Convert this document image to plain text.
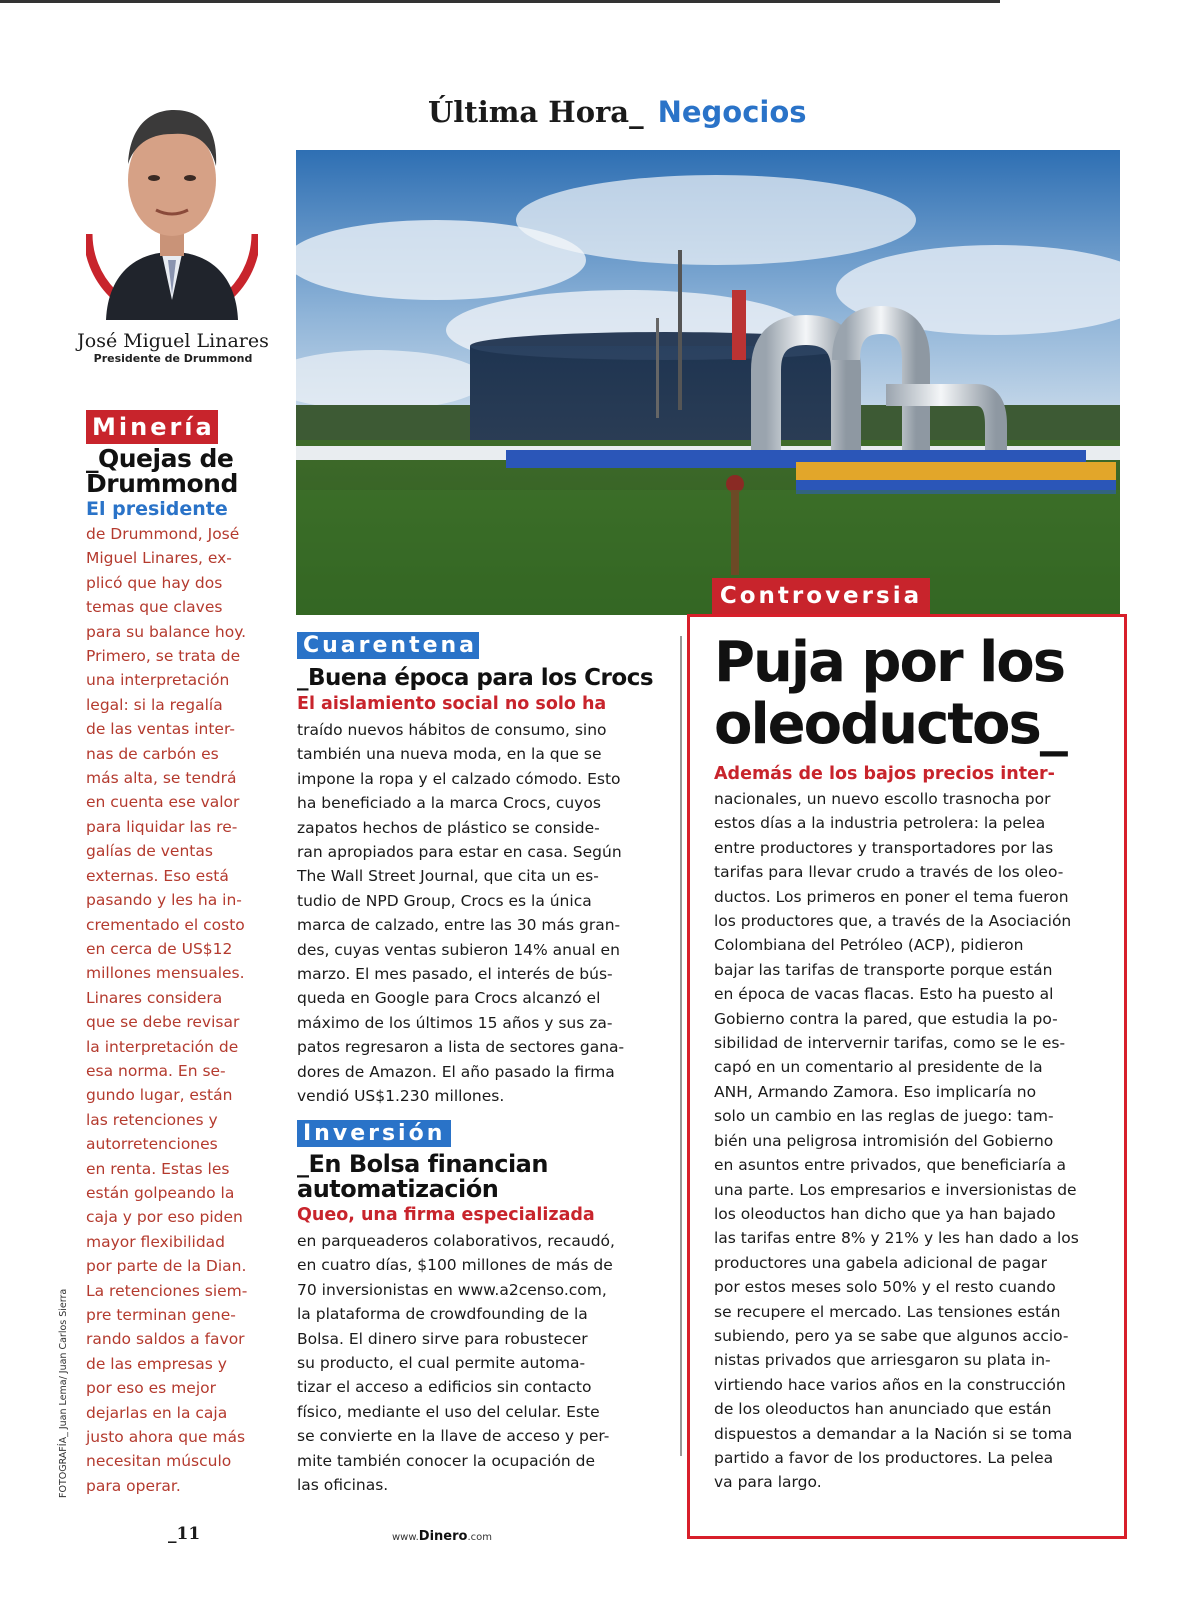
Última Hora_ Negocios
José Miguel Linares
Presidente de Drummond
Minería
_Quejas de
Drummond
El presidente
de Drummond, José
Miguel Linares, ex-
plicó que hay dos
temas que claves
para su balance hoy.
Primero, se trata de
una interpretación
legal: si la regalía
de las ventas inter-
nas de carbón es
más alta, se tendrá
en cuenta ese valor
para liquidar las re-
galías de ventas
externas. Eso está
pasando y les ha in-
crementado el costo
en cerca de US$12
millones mensuales.
Linares considera
que se debe revisar
la interpretación de
esa norma. En se-
gundo lugar, están
las retenciones y
autorretenciones
en renta. Estas les
están golpeando la
caja y por eso piden
mayor flexibilidad
por parte de la Dian.
La retenciones siem-
pre terminan gene-
rando saldos a favor
de las empresas y
por eso es mejor
dejarlas en la caja
justo ahora que más
necesitan músculo
para operar.
Controversia
Cuarentena
_Buena época para los Crocs
El aislamiento social no solo ha
traído nuevos hábitos de consumo, sino
también una nueva moda, en la que se
impone la ropa y el calzado cómodo. Esto
ha beneficiado a la marca Crocs, cuyos
zapatos hechos de plástico se conside-
ran apropiados para estar en casa. Según
The Wall Street Journal, que cita un es-
tudio de NPD Group, Crocs es la única
marca de calzado, entre las 30 más gran-
des, cuyas ventas subieron 14% anual en
marzo. El mes pasado, el interés de bús-
queda en Google para Crocs alcanzó el
máximo de los últimos 15 años y sus za-
patos regresaron a lista de sectores gana-
dores de Amazon. El año pasado la firma
vendió US$1.230 millones.
Inversión
_En Bolsa financian
automatización
Queo, una firma especializada
en parqueaderos colaborativos, recaudó,
en cuatro días, $100 millones de más de
70 inversionistas en www.a2censo.com,
la plataforma de crowdfounding de la
Bolsa. El dinero sirve para robustecer
su producto, el cual permite automa-
tizar el acceso a edificios sin contacto
físico, mediante el uso del celular. Este
se convierte en la llave de acceso y per-
mite también conocer la ocupación de
las oficinas.
Puja por los
oleoductos_
Además de los bajos precios inter-
nacionales, un nuevo escollo trasnocha por
estos días a la industria petrolera: la pelea
entre productores y transportadores por las
tarifas para llevar crudo a través de los oleo-
ductos. Los primeros en poner el tema fueron
los productores que, a través de la Asociación
Colombiana del Petróleo (ACP), pidieron
bajar las tarifas de transporte porque están
en época de vacas flacas. Esto ha puesto al
Gobierno contra la pared, que estudia la po-
sibilidad de intervernir tarifas, como se le es-
capó en un comentario al presidente de la
ANH, Armando Zamora. Eso implicaría no
solo un cambio en las reglas de juego: tam-
bién una peligrosa intromisión del Gobierno
en asuntos entre privados, que beneficiaría a
una parte. Los empresarios e inversionistas de
los oleoductos han dicho que ya han bajado
las tarifas entre 8% y 21% y les han dado a los
productores una gabela adicional de pagar
por estos meses solo 50% y el resto cuando
se recupere el mercado. Las tensiones están
subiendo, pero ya se sabe que algunos accio-
nistas privados que arriesgaron su plata in-
virtiendo hace varios años en la construcción
de los oleoductos han anunciado que están
dispuestos a demandar a la Nación si se toma
partido a favor de los productores. La pelea
va para largo.
FOTOGRAFÍA_ Juan Lema/ Juan Carlos Sierra
_11	www.Dinero.com
